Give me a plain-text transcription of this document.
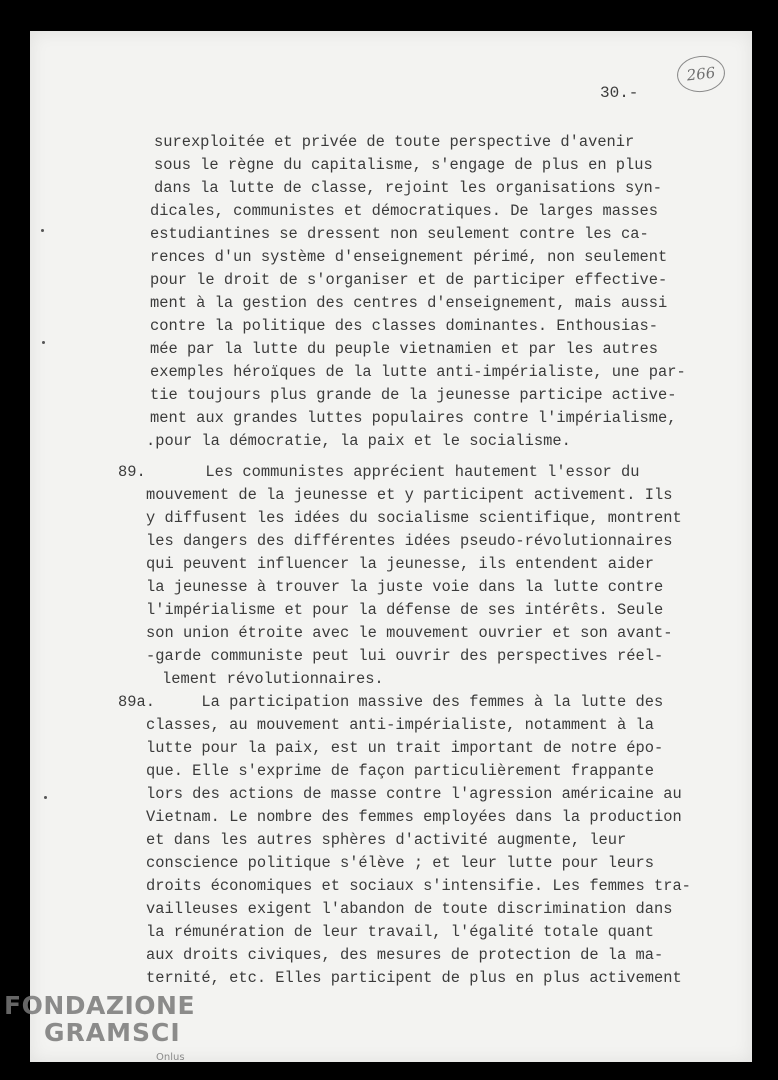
266
30.-
89.
89a.
surexploitée et privée de toute perspective d'avenir
sous le règne du capitalisme, s'engage de plus en plus
dans la lutte de classe, rejoint les organisations syn-
dicales, communistes et démocratiques. De larges masses
estudiantines se dressent non seulement contre les ca-
rences d'un système d'enseignement périmé, non seulement
pour le droit de s'organiser et de participer effective-
ment à la gestion des centres d'enseignement, mais aussi
contre la politique des classes dominantes. Enthousias-
mée par la lutte du peuple vietnamien et par les autres
exemples héroïques de la lutte anti-impérialiste, une par-
tie toujours plus grande de la jeunesse participe active-
ment aux grandes luttes populaires contre l'impérialisme,
.pour la démocratie, la paix et le socialisme.
Les communistes apprécient hautement l'essor du
mouvement de la jeunesse et y participent activement. Ils
y diffusent les idées du socialisme scientifique, montrent
les dangers des différentes idées pseudo-révolutionnaires
qui peuvent influencer la jeunesse, ils entendent aider
la jeunesse à trouver la juste voie dans la lutte contre
l'impérialisme et pour la défense de ses intérêts. Seule
son union étroite avec le mouvement ouvrier et son avant-
-garde communiste peut lui ouvrir des perspectives réel-
lement révolutionnaires.
La participation massive des femmes à la lutte des
classes, au mouvement anti-impérialiste, notamment à la
lutte pour la paix, est un trait important de notre épo-
que. Elle s'exprime de façon particulièrement frappante
lors des actions de masse contre l'agression américaine au
Vietnam. Le nombre des femmes employées dans la production
et dans les autres sphères d'activité augmente, leur
conscience politique s'élève ; et leur lutte pour leurs
droits économiques et sociaux s'intensifie. Les femmes tra-
vailleuses exigent l'abandon de toute discrimination dans
la rémunération de leur travail, l'égalité totale quant
aux droits civiques, des mesures de protection de la ma-
ternité, etc. Elles participent de plus en plus activement
FONDAZIONE
GRAMSCI
Onlus
